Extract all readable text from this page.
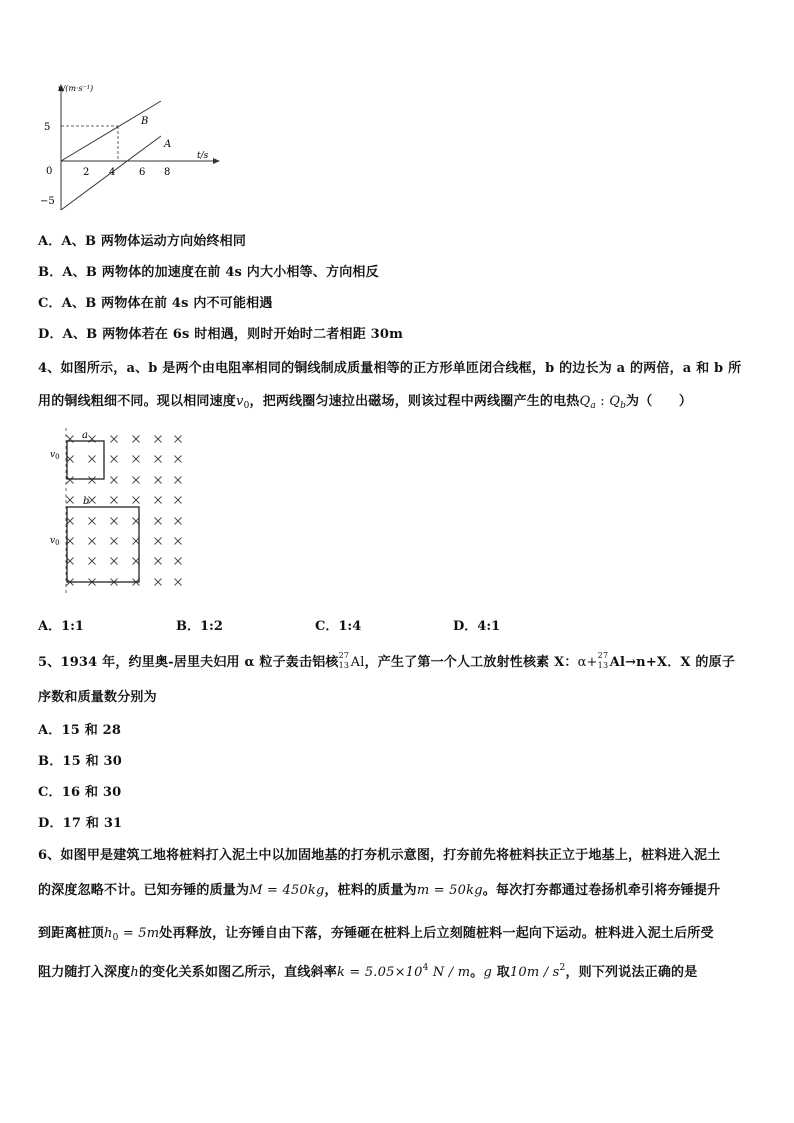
v/(m·s⁻¹)
t/s
5
0
−5
2 4 6 8
B
A
A．A、B 两物体运动方向始终相同
B．A、B 两物体的加速度在前 4s 内大小相等、方向相反
C．A、B 两物体在前 4s 内不可能相遇
D．A、B 两物体若在 6s 时相遇，则时开始时二者相距 30m
4、如图所示，a、b 是两个由电阻率相同的铜线制成质量相等的正方形单匝闭合线框，b 的边长为 a 的两倍，a 和 b 所
用的铜线粗细不同。现以相同速度$v_0$，把两线圈匀速拉出磁场，则该过程中两线圈产生的电热$Q_a$ : $Q_b$为（　　）
a
b
$v_0$
$v_0$
A．1:1	B．1:2	C．1:4	D．4:1
5、1934 年，约里奥-居里夫妇用 α 粒子轰击铝核 27
13 Al，产生了第一个人工放射性核素 X：α+ 27
13 Al→n+X．X 的原子
序数和质量数分别为
A．15 和 28
B．15 和 30
C．16 和 30
D．17 和 31
6、如图甲是建筑工地将桩料打入泥土中以加固地基的打夯机示意图，打夯前先将桩料扶正立于地基上，桩料进入泥土
的深度忽略不计。已知夯锤的质量为M = 450kg，桩料的质量为m = 50kg。每次打夯都通过卷扬机牵引将夯锤提升
到距离桩顶$h_0 = 5m$处再释放，让夯锤自由下落，夯锤砸在桩料上后立刻随桩料一起向下运动。桩料进入泥土后所受
阻力随打入深度h的变化关系如图乙所示，直线斜率$k = 5.05\times 10^4$ N / m。g 取$10m / s^2$，则下列说法正确的是
